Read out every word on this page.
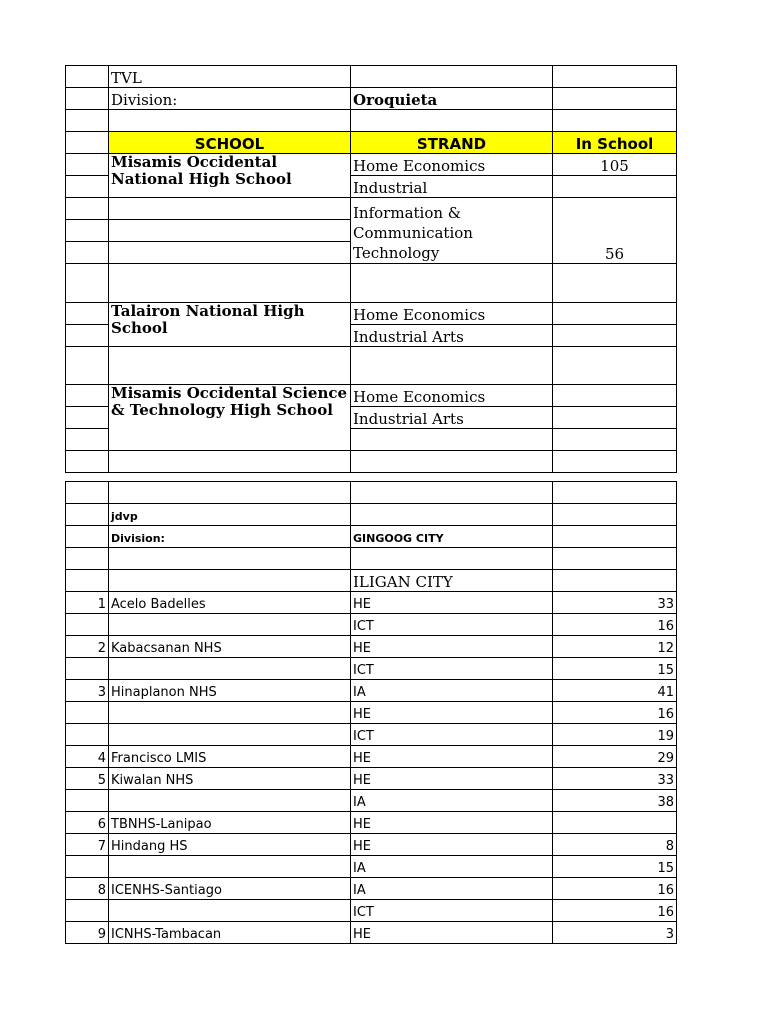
	TVL		
	Division:	Oroquieta	

	SCHOOL	STRAND	In School
	Misamis Occidental National High School	Home Economics	105
		Industrial	
		Information & Communication Technology	56

	Talairon National High School	Home Economics	
		Industrial Arts	

	Misamis Occidental Science & Technology High School	Home Economics	
		Industrial Arts	

	jdvp		
	Division:	GINGOOG CITY	

		ILIGAN CITY	
1	Acelo Badelles	HE	33
		ICT	16
2	Kabacsanan NHS	HE	12
		ICT	15
3	Hinaplanon NHS	IA	41
		HE	16
		ICT	19
4	Francisco LMIS	HE	29
5	Kiwalan NHS	HE	33
		IA	38
6	TBNHS-Lanipao	HE	
7	Hindang HS	HE	8
		IA	15
8	ICENHS-Santiago	IA	16
		ICT	16
9	ICNHS-Tambacan	HE	3
